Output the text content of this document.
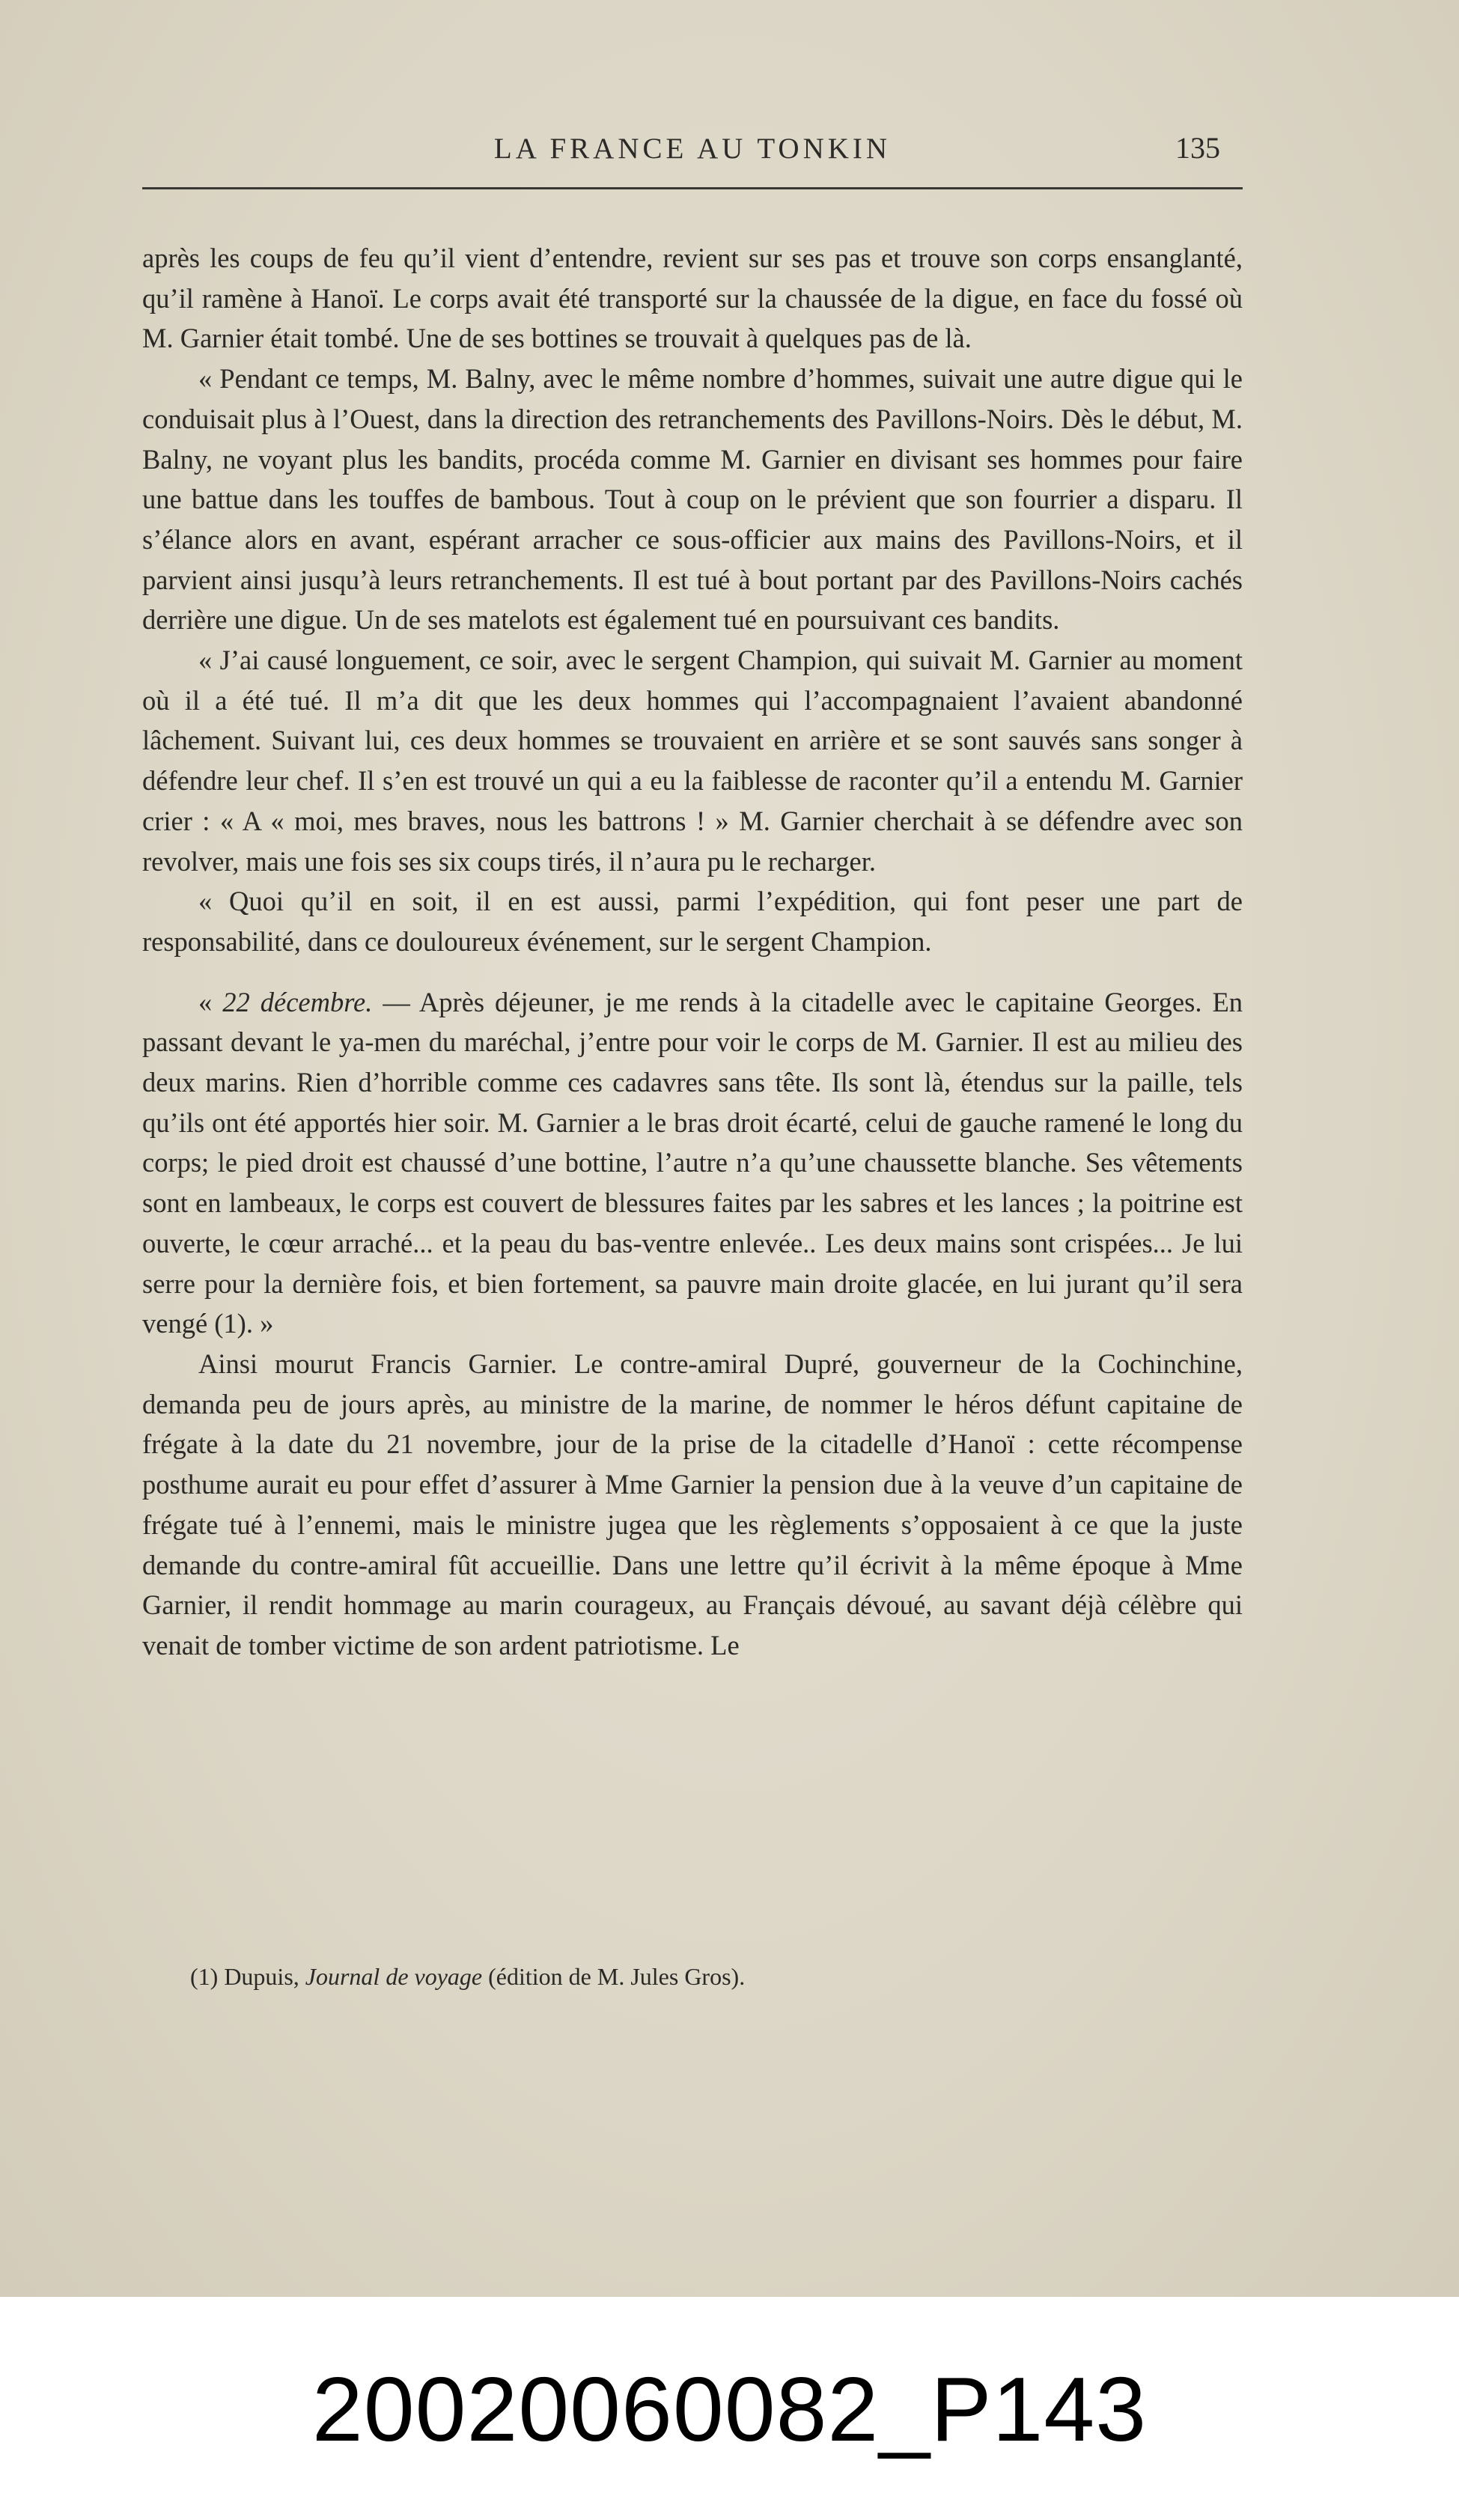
LA FRANCE AU TONKIN	135

après les coups de feu qu’il vient d’entendre, revient sur ses pas et trouve son corps ensanglanté, qu’il ramène à Hanoï. Le corps avait été transporté sur la chaussée de la digue, en face du fossé où M. Garnier était tombé. Une de ses bottines se trouvait à quelques pas de là.

« Pendant ce temps, M. Balny, avec le même nombre d’hommes, suivait une autre digue qui le conduisait plus à l’Ouest, dans la direction des retranchements des Pavillons-Noirs. Dès le début, M. Balny, ne voyant plus les bandits, procéda comme M. Garnier en divisant ses hommes pour faire une battue dans les touffes de bambous. Tout à coup on le prévient que son fourrier a disparu. Il s’élance alors en avant, espérant arracher ce sous-officier aux mains des Pavillons-Noirs, et il parvient ainsi jusqu’à leurs retranchements. Il est tué à bout portant par des Pavillons-Noirs cachés derrière une digue. Un de ses matelots est également tué en poursuivant ces bandits.

« J’ai causé longuement, ce soir, avec le sergent Champion, qui suivait M. Garnier au moment où il a été tué. Il m’a dit que les deux hommes qui l’accompagnaient l’avaient abandonné lâchement. Suivant lui, ces deux hommes se trouvaient en arrière et se sont sauvés sans songer à défendre leur chef. Il s’en est trouvé un qui a eu la faiblesse de raconter qu’il a entendu M. Garnier crier : « A « moi, mes braves, nous les battrons ! » M. Garnier cherchait à se défendre avec son revolver, mais une fois ses six coups tirés, il n’aura pu le recharger.

« Quoi qu’il en soit, il en est aussi, parmi l’expédition, qui font peser une part de responsabilité, dans ce douloureux événement, sur le sergent Champion.

« 22 décembre. — Après déjeuner, je me rends à la citadelle avec le capitaine Georges. En passant devant le ya-men du maréchal, j’entre pour voir le corps de M. Garnier. Il est au milieu des deux marins. Rien d’horrible comme ces cadavres sans tête. Ils sont là, étendus sur la paille, tels qu’ils ont été apportés hier soir. M. Garnier a le bras droit écarté, celui de gauche ramené le long du corps; le pied droit est chaussé d’une bottine, l’autre n’a qu’une chaussette blanche. Ses vêtements sont en lambeaux, le corps est couvert de blessures faites par les sabres et les lances ; la poitrine est ouverte, le cœur arraché... et la peau du bas-ventre enlevée.. Les deux mains sont crispées... Je lui serre pour la dernière fois, et bien fortement, sa pauvre main droite glacée, en lui jurant qu’il sera vengé (1). »

Ainsi mourut Francis Garnier. Le contre-amiral Dupré, gouverneur de la Cochinchine, demanda peu de jours après, au ministre de la marine, de nommer le héros défunt capitaine de frégate à la date du 21 novembre, jour de la prise de la citadelle d’Hanoï : cette récompense posthume aurait eu pour effet d’assurer à Mme Garnier la pension due à la veuve d’un capitaine de frégate tué à l’ennemi, mais le ministre jugea que les règlements s’opposaient à ce que la juste demande du contre-amiral fût accueillie. Dans une lettre qu’il écrivit à la même époque à Mme Garnier, il rendit hommage au marin courageux, au Français dévoué, au savant déjà célèbre qui venait de tomber victime de son ardent patriotisme. Le

(1) Dupuis, Journal de voyage (édition de M. Jules Gros).
20020060082_P143
